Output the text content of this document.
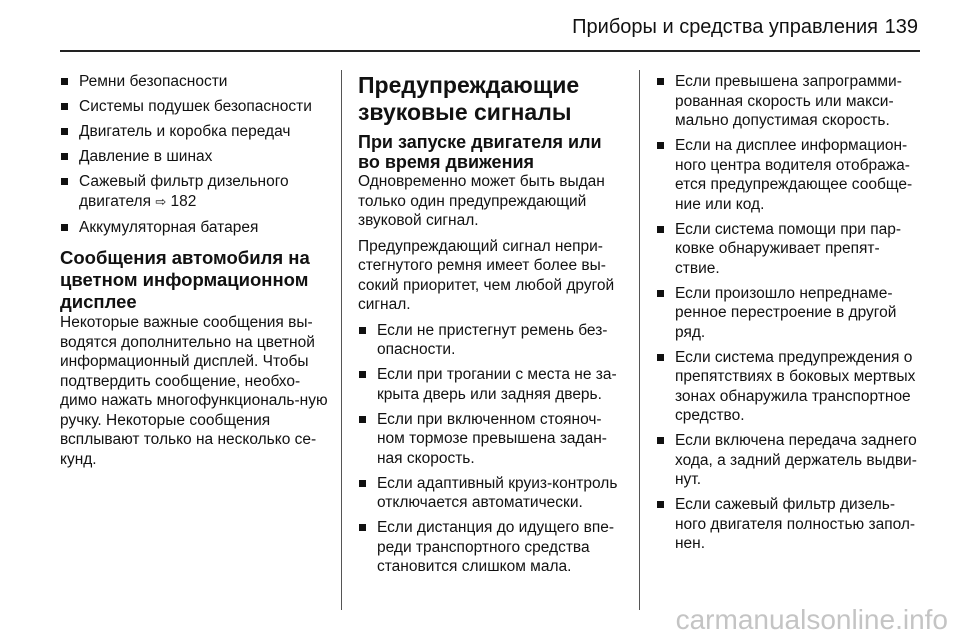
Приборы и средства управления 139
Ремни безопасности
Системы подушек безопасности
Двигатель и коробка передач
Давление в шинах
Сажевый фильтр дизельного
двигателя ⇨ 182
Аккумуляторная батарея
Сообщения автомобиля на цветном информационном дисплее

Некоторые важные сообщения вы-водятся дополнительно на цветной информационный дисплей. Чтобы подтвердить сообщение, необхо-димо нажать многофункциональ-ную ручку. Некоторые сообщения всплывают только на несколько се-кунд.

Предупреждающие звуковые сигналы
При запуске двигателя или во время движения

Одновременно может быть выдан только один предупреждающий звуковой сигнал.

Предупреждающий сигнал непри-стегнутого ремня имеет более вы-сокий приоритет, чем любой другой сигнал.

Если не пристегнут ремень без-опасности.
Если при трогании с места не за-крыта дверь или задняя дверь.
Если при включенном стояноч-ном тормозе превышена задан-ная скорость.
Если адаптивный круиз-контроль отключается автоматически.
Если дистанция до идущего впе-реди транспортного средства становится слишком мала.
Если превышена запрограмми-рованная скорость или макси-мально допустимая скорость.
Если на дисплее информацион-ного центра водителя отобража-ется предупреждающее сообще-ние или код.
Если система помощи при пар-ковке обнаруживает препят-ствие.
Если произошло непреднаме-ренное перестроение в другой ряд.
Если система предупреждения о препятствиях в боковых мертвых зонах обнаружила транспортное средство.
Если включена передача заднего хода, а задний держатель выдви-нут.
Если сажевый фильтр дизель-ного двигателя полностью запол-нен.
carmanualsonline.info
